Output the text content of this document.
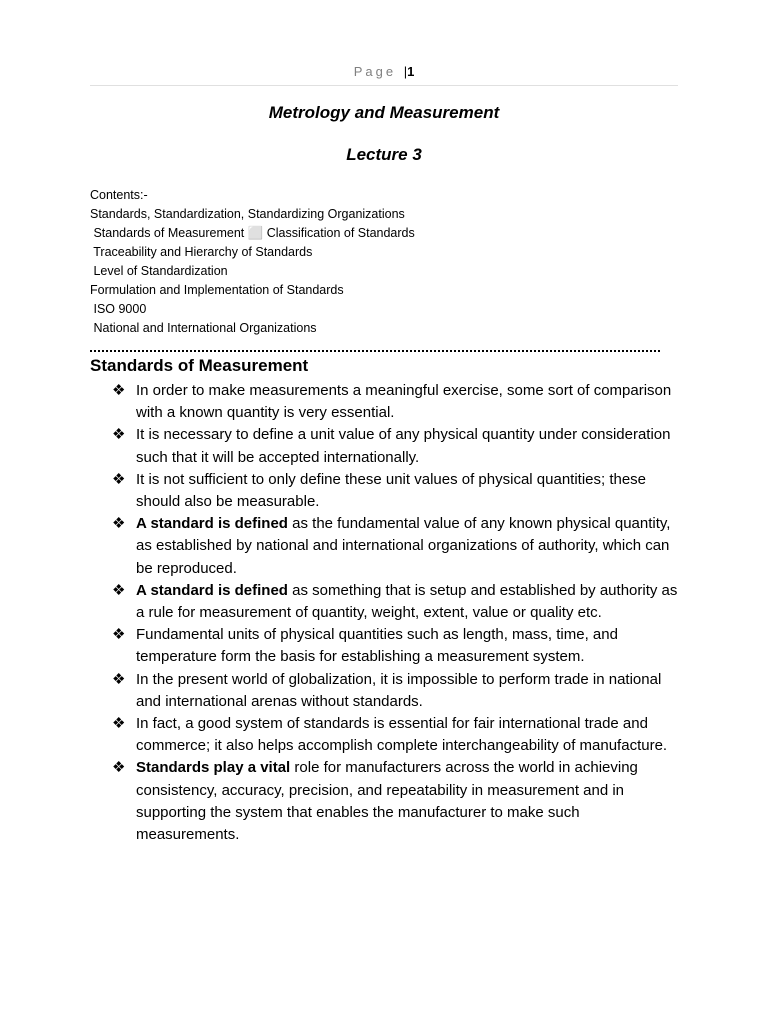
Page |1
Metrology and Measurement
Lecture 3
Contents:-
Standards, Standardization, Standardizing Organizations
Standards of Measurement ⬜ Classification of Standards
Traceability and Hierarchy of Standards
Level of Standardization
Formulation and Implementation of Standards
ISO 9000
National and International Organizations
Standards of Measurement
❖ In order to make measurements a meaningful exercise, some sort of comparison with a known quantity is very essential.
❖ It is necessary to define a unit value of any physical quantity under consideration such that it will be accepted internationally.
❖ It is not sufficient to only define these unit values of physical quantities; these should also be measurable.
❖ A standard is defined as the fundamental value of any known physical quantity, as established by national and international organizations of authority, which can be reproduced.
❖ A standard is defined as something that is setup and established by authority as a rule for measurement of quantity, weight, extent, value or quality etc.
❖ Fundamental units of physical quantities such as length, mass, time, and temperature form the basis for establishing a measurement system.
❖ In the present world of globalization, it is impossible to perform trade in national and international arenas without standards.
❖ In fact, a good system of standards is essential for fair international trade and commerce; it also helps accomplish complete interchangeability of manufacture.
❖ Standards play a vital role for manufacturers across the world in achieving consistency, accuracy, precision, and repeatability in measurement and in supporting the system that enables the manufacturer to make such measurements.
